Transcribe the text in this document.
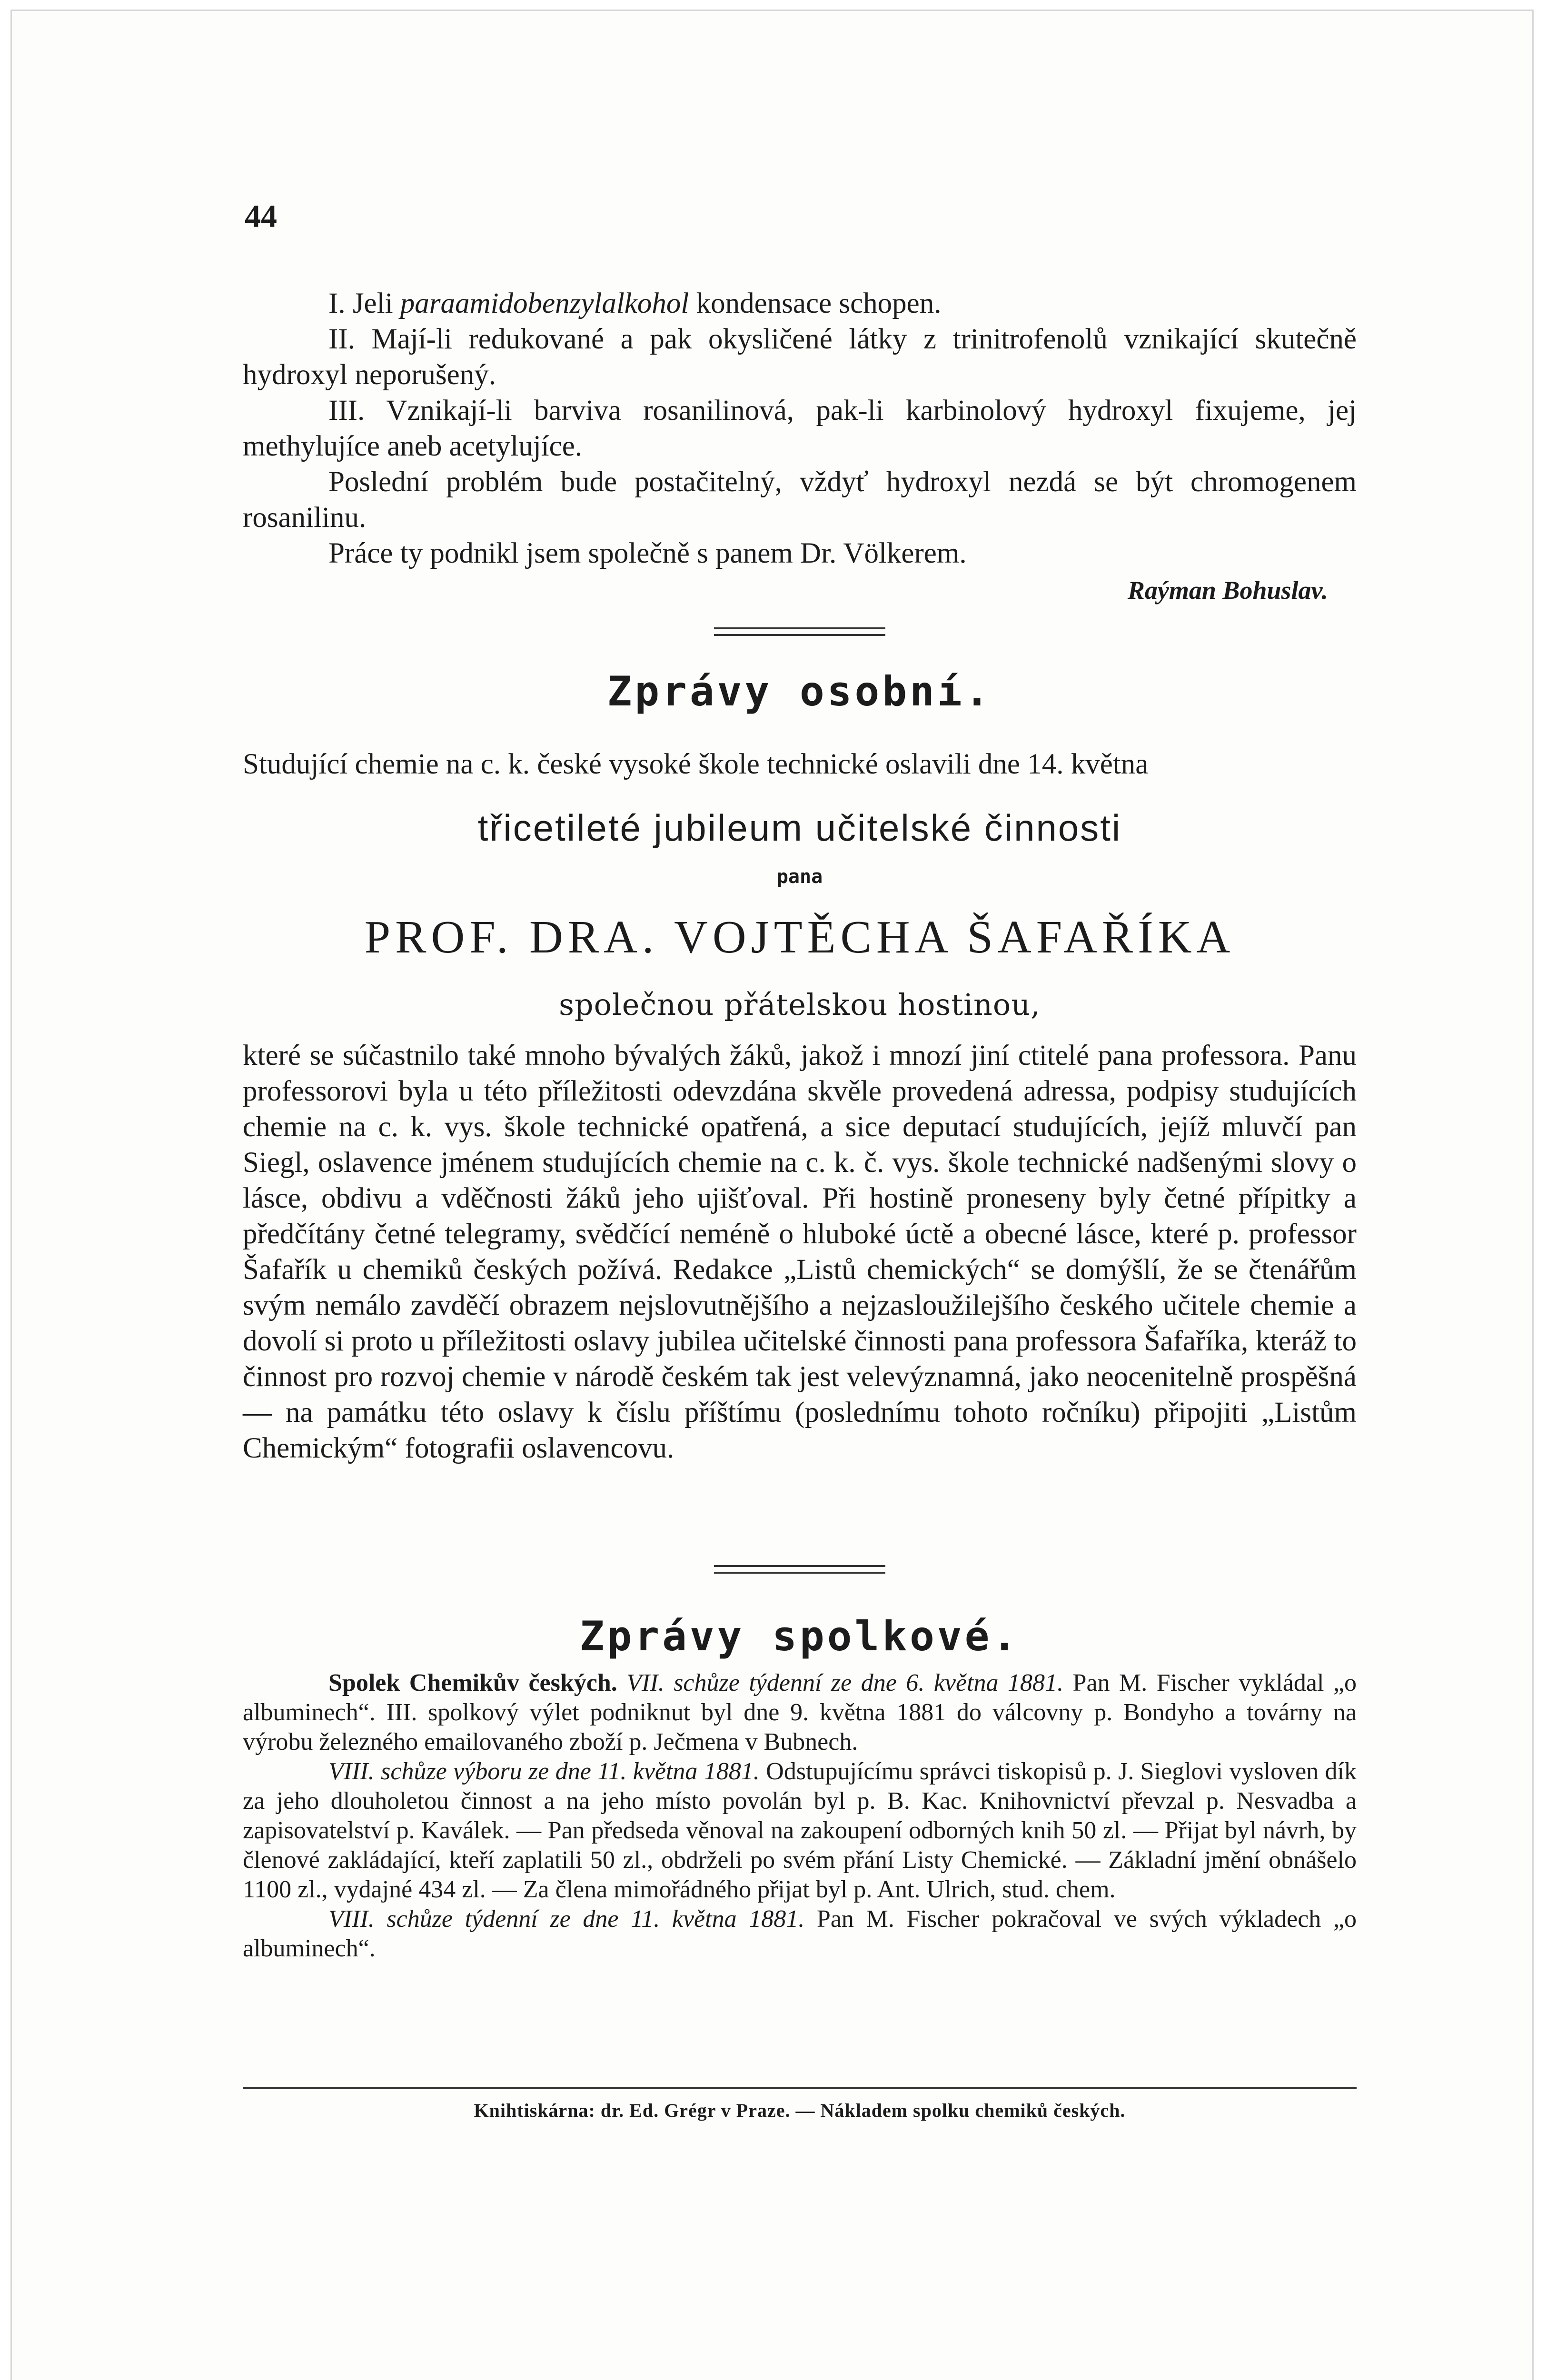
44

I. Jeli paraamidobenzylalkohol kondensace schopen.

II. Mají-li redukované a pak okysličené látky z trinitrofenolů vznikající skutečně hydroxyl neporušený.

III. Vznikají-li barviva rosanilinová, pak-li karbinolový hydroxyl fixujeme, jej methylujíce aneb acetylujíce.

Poslední problém bude postačitelný, vždyť hydroxyl nezdá se být chromogenem rosanilinu.

Práce ty podnikl jsem společně s panem Dr. Völkerem.

Raýman Bohuslav.

Zprávy osobní.
Studující chemie na c. k. české vysoké škole technické oslavili dne 14. května
třicetileté jubileum učitelské činnosti
pana
PROF. DRA. VOJTĚCHA ŠAFAŘÍKA
společnou přátelskou hostinou,
které se súčastnilo také mnoho bývalých žáků, jakož i mnozí jiní ctitelé pana professora. Panu professorovi byla u této příležitosti odevzdána skvěle provedená adressa, podpisy studujících chemie na c. k. vys. škole technické opatřená, a sice deputací studujících, jejíž mluvčí pan Siegl, oslavence jménem studujících chemie na c. k. č. vys. škole technické nadšenými slovy o lásce, obdivu a vděčnosti žáků jeho ujišťoval. Při hostině proneseny byly četné přípitky a předčítány četné telegramy, svědčící neméně o hluboké úctě a obecné lásce, které p. professor Šafařík u chemiků českých požívá. Redakce „Listů chemických“ se domýšlí, že se čtenářům svým nemálo zavděčí obrazem nejslovutnějšího a nejzasloužilejšího českého učitele chemie a dovolí si proto u příležitosti oslavy jubilea učitelské činnosti pana professora Šafaříka, kteráž to činnost pro rozvoj chemie v národě českém tak jest velevýznamná, jako neocenitelně prospěšná — na památku této oslavy k číslu příštímu (poslednímu tohoto ročníku) připojiti „Listům Chemickým“ fotografii oslavencovu.
Zprávy spolkové.

Spolek Chemikův českých. VII. schůze týdenní ze dne 6. května 1881. Pan M. Fischer vykládal „o albuminech“. III. spolkový výlet podniknut byl dne 9. května 1881 do válcovny p. Bondyho a továrny na výrobu železného emailovaného zboží p. Ječmena v Bubnech.

VIII. schůze výboru ze dne 11. května 1881. Odstupujícímu správci tiskopisů p. J. Sieglovi vysloven dík za jeho dlouholetou činnost a na jeho místo povolán byl p. B. Kac. Knihovnictví převzal p. Nesvadba a zapisovatelství p. Kaválek. — Pan předseda věnoval na zakoupení odborných knih 50 zl. — Přijat byl návrh, by členové zakládající, kteří zaplatili 50 zl., obdrželi po svém přání Listy Chemické. — Základní jmění obnášelo 1100 zl., vydajné 434 zl. — Za člena mimořádného přijat byl p. Ant. Ulrich, stud. chem.

VIII. schůze týdenní ze dne 11. května 1881. Pan M. Fischer pokračoval ve svých výkladech „o albuminech“.

Knihtiskárna: dr. Ed. Grégr v Praze. — Nákladem spolku chemiků českých.
